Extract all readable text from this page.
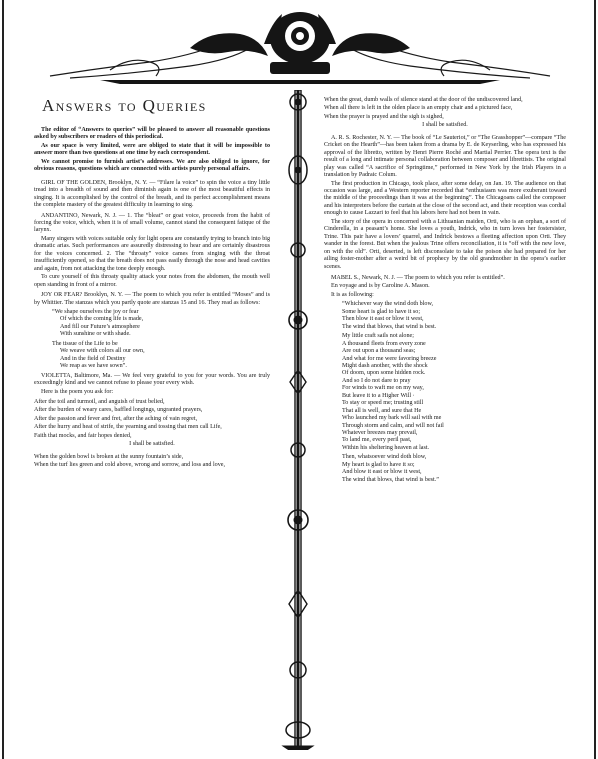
Answers to Queries

The editor of “Answers to queries” will be pleased to answer all reasonable questions asked by subscribers or readers of this periodical.

As our space is very limited, were are obliged to state that it will be impossible to answer more than two questions at one time by each correspondent.

We cannot promise to furnish artist’s addresses. We are also obliged to ignore, for obvious reasons, questions which are connected with artists purely personal affairs.

GIRL OF THE GOLDEN, Brooklyn, N. Y. — “Filare la voice” to spin the voice a tiny little tread into a breadth of sound and then diminish again is one of the most beautiful effects in singing. It is accomplished by the control of the breath, and its perfect accomplishment means the complete mastery of the greatest difficulty in learning to sing.

ANDANTINO, Newark, N. J. — 1. The “bleat” or goat voice, proceeds from the habit of forcing the voice, which, when it is of small volume, cannot stand the consequent fatique of the larynx.

Many singers with voices suitable only for light opera are constantly trying to branch into big dramatic arias. Such performances are assuredly distressing to hear and are certainly disastrous for the voices concerned. 2. The “throaty” voice cames from singing with the throat insufficiently opened, so that the breath does not pass easily through the nose and head cavities and again, from not attacking the tone deeply enough.

To cure yourself of this throaty quality attack your notes from the abdomen, the mouth well open standing in front of a mirror.

JOY OR FEAR? Brooklyn, N. Y. — The poem to which you refer is entitled “Moses” and is by Whittier. The stanzas which you partly quote are stanzas 15 and 16. They read as follows:

“We shape ourselves the joy or fear
Of which the coming life is made,
And fill our Future’s atmosphere
With sunshine or with shade.
The tissue of the Life to be
We weave with colors all our own,
And in the field of Destiny
We reap as we have sown”.

VIOLETTA, Baltimore, Ma. — We feel very grateful to you for your words. You are truly exceedingly kind and we cannot refuse to please your every wish.

Here is the poem you ask for:

After the toil and turmoil, and anguish of trust belied,

After the burden of weary cares, baffled longings, ungranted prayers,

After the passion and fever and fret, after the aching of vain regret,

After the hurry and heat of strife, the yearning and tossing that men call Life,

Faith that mocks, and fair hopes denied,

I shall be satisfied.

When the golden bowl is broken at the sunny fountain’s side,

When the turf lies green and cold above, wrong and sorrow, and loss and love,

When the great, dumb walls of silence stand at the door of the undiscovered land,

When all there is left in the olden place is an empty chair and a pictured face,

When the prayer is prayed and the sigh is sighed,

I shall be satisfied.

A. R. S. Rochester, N. Y. — The book of “Le Sauteriot,” or “The Grasshopper”—compare “The Cricket on the Hearth”—has been taken from a drama by E. de Keyserling, who has expressed his approval of the libretto, written by Henri Pierre Roché and Martial Perrier. The opera text is the result of a long and intimate personal collaboration between composer and librettists. The original play was called “A sacrifice of Springtime,” performed in New York by the Irish Players in a translation by Padraic Colum.

The first production in Chicago, took place, after some delay, on Jan. 19. The audience on that occasion was large, and a Western reporter recorded that “enthusiasm was more exuberant toward the middle of the proceedings than it was at the beginning”. The Chicagoans called the composer and his interpreters before the curtain at the close of the second act, and their reception was cordial enough to cause Lazzari to feel that his labors here had not been in vain.

The story of the opera in concerned with a Lithuanian maiden, Orti, who is an orphan, a sort of Cinderella, in a peasant’s home. She loves a youth, Indrick, who in turn loves her fostersister, Trine. This pair have a lovers’ quarrel, and Indrick bestows a fleeting affection upon Orti. They wander in the forest. But when the jealous Trine offers reconciliation, it is “off with the new love, on with the old”. Orti, deserted, is left disconsolate to take the poison she had prepared for her ailing foster-mother after a weird bit of prophecy by the old grandmother in the opera’s earlier scenes.

MABEL S., Newark, N. J. — The poem to which you refer is entitled”.

En voyage and is by Caroline A. Mason.

It is as following:

“Whichever way the wind doth blow,
Some heart is glad to have it so;
Then blow it east or blow it west,
The wind that blows, that wind is best.
My little craft sails not alone;
A thousand fleets from every zone
Are out upon a thousand seas;
And what for me were favoring breeze
Might dash another, with the shock
Of doom, upon some hidden rock.
And so I do not dare to pray
For winds to waft me on my way,
But leave it to a Higher Will ·
To stay or speed me; trusting still
That all is well, and sure that He
Who launched my bark will sail with me
Through storm and calm, and will not fail
Whatever breezes may prevail,
To land me, every peril past,
Within his sheltering heaven at last.
Then, whatsoever wind doth blow,
My heart is glad to have it so;
And blow it east or blow it west,
The wind that blows, that wind is best.”
